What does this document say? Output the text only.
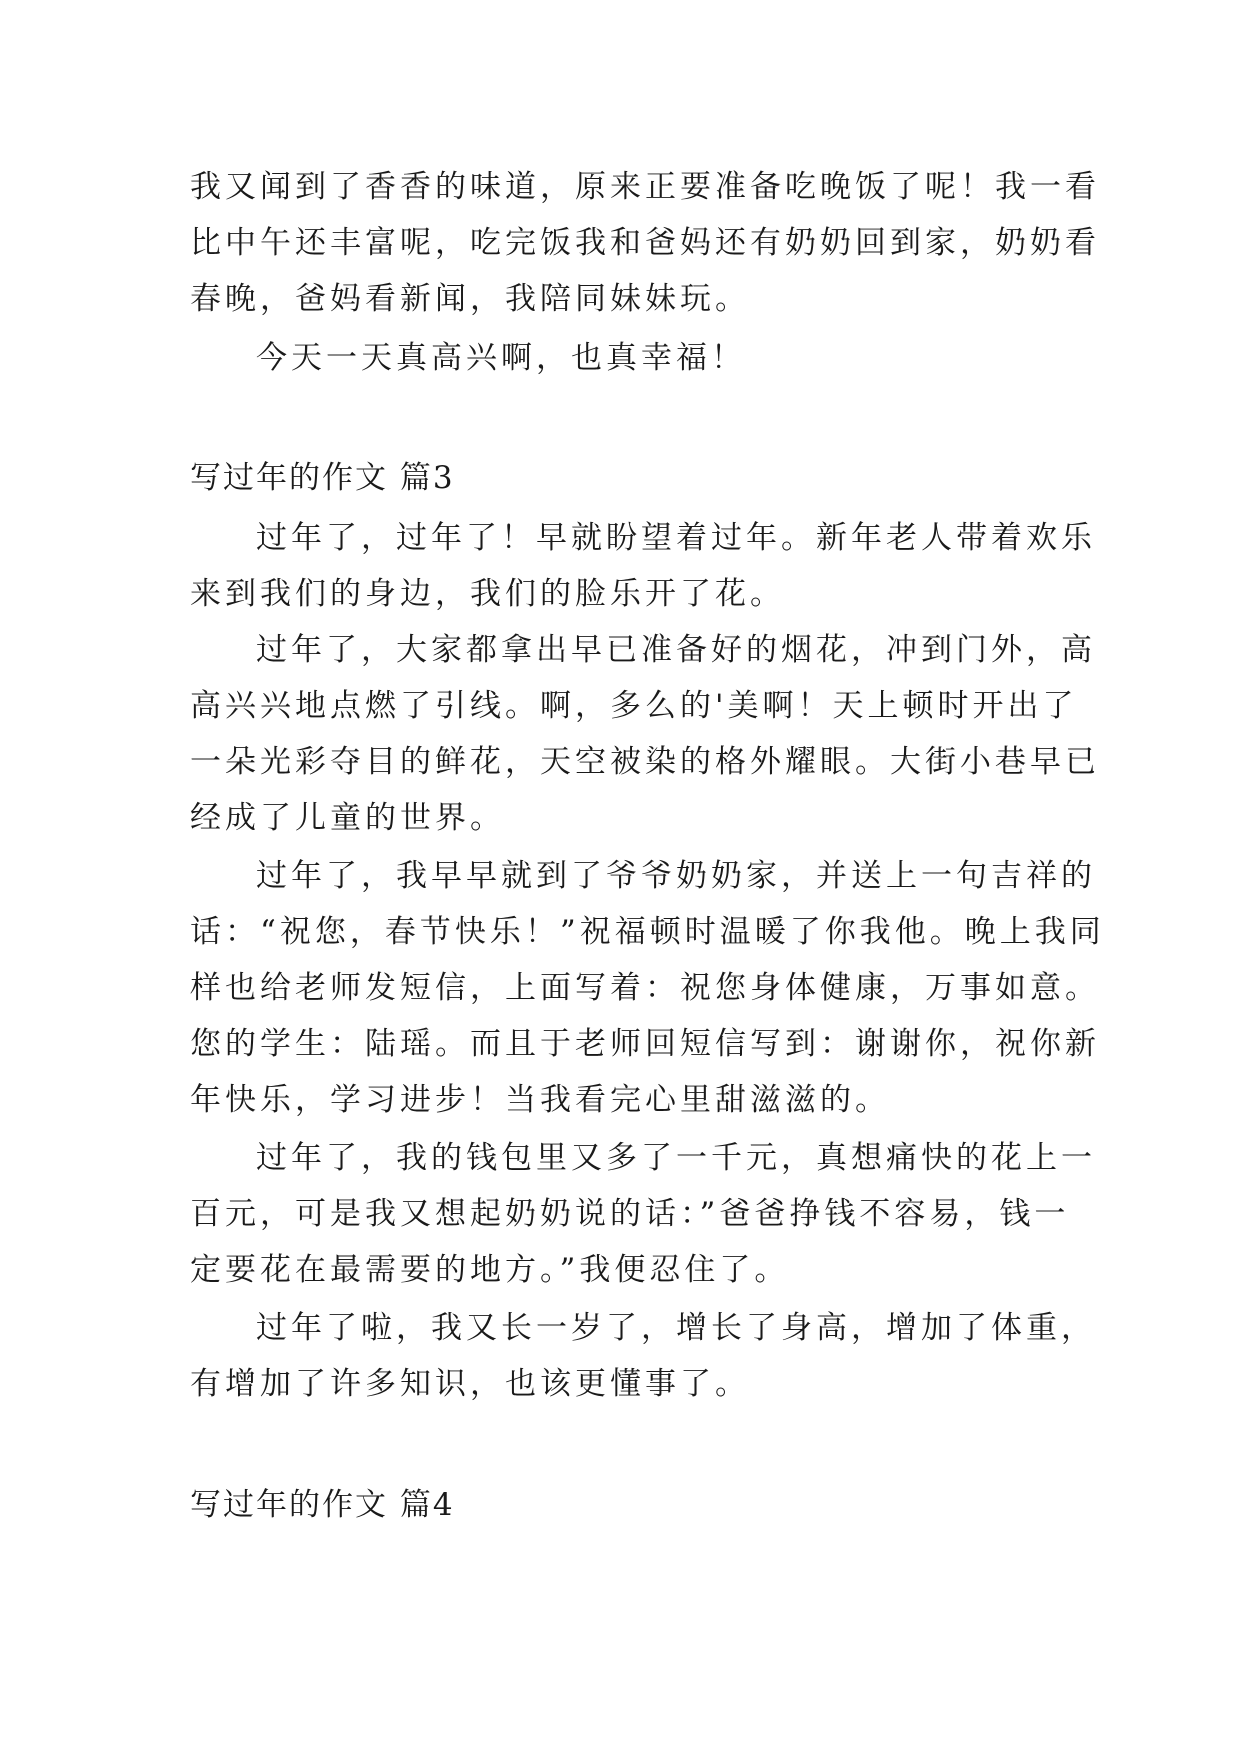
我又闻到了香香的味道，原来正要准备吃晚饭了呢！我一看
比中午还丰富呢，吃完饭我和爸妈还有奶奶回到家，奶奶看
春晚，爸妈看新闻，我陪同妹妹玩。
今天一天真高兴啊，也真幸福！
写过年的作文 篇3
过年了，过年了！早就盼望着过年。新年老人带着欢乐
来到我们的身边，我们的脸乐开了花。
过年了，大家都拿出早已准备好的烟花，冲到门外，高
高兴兴地点燃了引线。啊，多么的'美啊！天上顿时开出了
一朵光彩夺目的鲜花，天空被染的格外耀眼。大街小巷早已
经成了儿童的世界。
过年了，我早早就到了爷爷奶奶家，并送上一句吉祥的
话：“祝您，春节快乐！”祝福顿时温暖了你我他。晚上我同
样也给老师发短信，上面写着：祝您身体健康，万事如意。
您的学生：陆瑶。而且于老师回短信写到：谢谢你，祝你新
年快乐，学习进步！当我看完心里甜滋滋的。
过年了，我的钱包里又多了一千元，真想痛快的花上一
百元，可是我又想起奶奶说的话：”爸爸挣钱不容易，钱一
定要花在最需要的地方。”我便忍住了。
过年了啦，我又长一岁了，增长了身高，增加了体重，
有增加了许多知识，也该更懂事了。
写过年的作文 篇4
